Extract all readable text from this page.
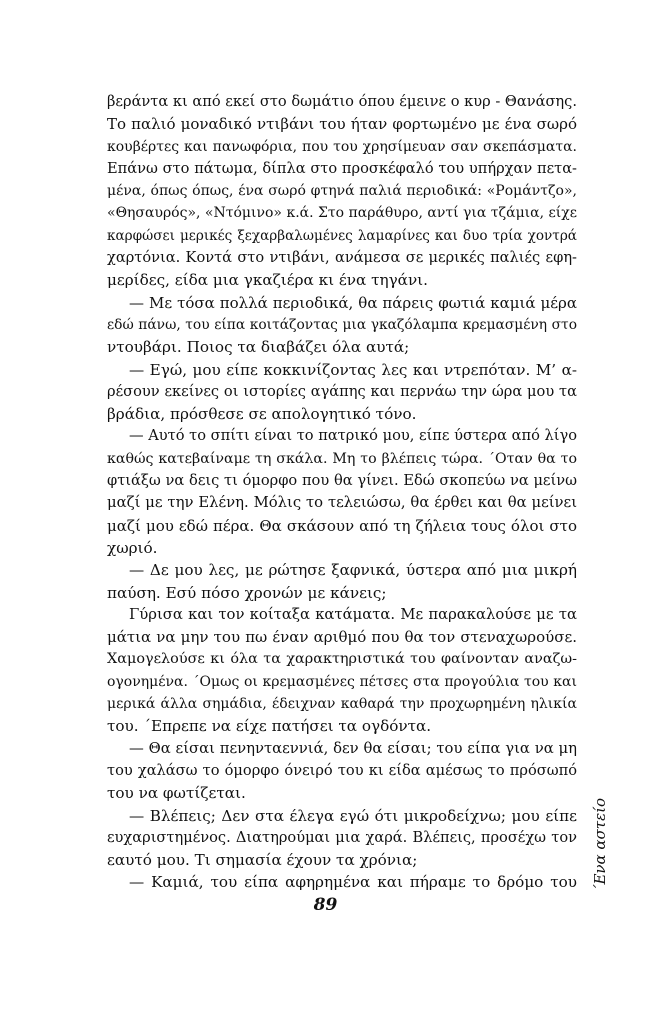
βεράντα κι από εκεί στο δωμάτιο όπου έμεινε ο κυρ - Θανάσης.
Το παλιό μοναδικό ντιβάνι του ήταν φορτωμένο με ένα σωρό
κουβέρτες και πανωφόρια, που του χρησίμευαν σαν σκεπάσματα.
Επάνω στο πάτωμα, δίπλα στο προσκέφαλό του υπήρχαν πετα-
μένα, όπως όπως, ένα σωρό φτηνά παλιά περιοδικά: «Ρομάντζο»,
«Θησαυρός», «Ντόμινο» κ.ά. Στο παράθυρο, αντί για τζάμια, είχε
καρφώσει μερικές ξεχαρβαλωμένες λαμαρίνες και δυο τρία χοντρά
χαρτόνια. Κοντά στο ντιβάνι, ανάμεσα σε μερικές παλιές εφη-
μερίδες, είδα μια γκαζιέρα κι ένα τηγάνι.
— Με τόσα πολλά περιοδικά, θα πάρεις φωτιά καμιά μέρα
εδώ πάνω, του είπα κοιτάζοντας μια γκαζόλαμπα κρεμασμένη στο
ντουβάρι. Ποιος τα διαβάζει όλα αυτά;
— Εγώ, μου είπε κοκκινίζοντας λες και ντρεπόταν. Μ’ α-
ρέσουν εκείνες οι ιστορίες αγάπης και περνάω την ώρα μου τα
βράδια, πρόσθεσε σε απολογητικό τόνο.
— Αυτό το σπίτι είναι το πατρικό μου, είπε ύστερα από λίγο
καθώς κατεβαίναμε τη σκάλα. Μη το βλέπεις τώρα. ΄Οταν θα το
φτιάξω να δεις τι όμορφο που θα γίνει. Εδώ σκοπεύω να μείνω
μαζί με την Ελένη. Μόλις το τελειώσω, θα έρθει και θα μείνει
μαζί μου εδώ πέρα. Θα σκάσουν από τη ζήλεια τους όλοι στο
χωριό.
— Δε μου λες, με ρώτησε ξαφνικά, ύστερα από μια μικρή
παύση. Εσύ πόσο χρονών με κάνεις;
Γύρισα και τον κοίταξα κατάματα. Με παρακαλούσε με τα
μάτια να μην του πω έναν αριθμό που θα τον στεναχωρούσε.
Χαμογελούσε κι όλα τα χαρακτηριστικά του φαίνονταν αναζω-
ογονημένα. ΄Ομως οι κρεμασμένες πέτσες στα προγούλια του και
μερικά άλλα σημάδια, έδειχναν καθαρά την προχωρημένη ηλικία
του. ΄Επρεπε να είχε πατήσει τα ογδόντα.
— Θα είσαι πενηνταεννιά, δεν θα είσαι; του είπα για να μη
του χαλάσω το όμορφο όνειρό του κι είδα αμέσως το πρόσωπό
του να φωτίζεται.
— Βλέπεις; Δεν στα έλεγα εγώ ότι μικροδείχνω; μου είπε
ευχαριστημένος. Διατηρούμαι μια χαρά. Βλέπεις, προσέχω τον
εαυτό μου. Τι σημασία έχουν τα χρόνια;
— Καμιά, του είπα αφηρημένα και πήραμε το δρόμο του
89
΄Ενα αστείο
